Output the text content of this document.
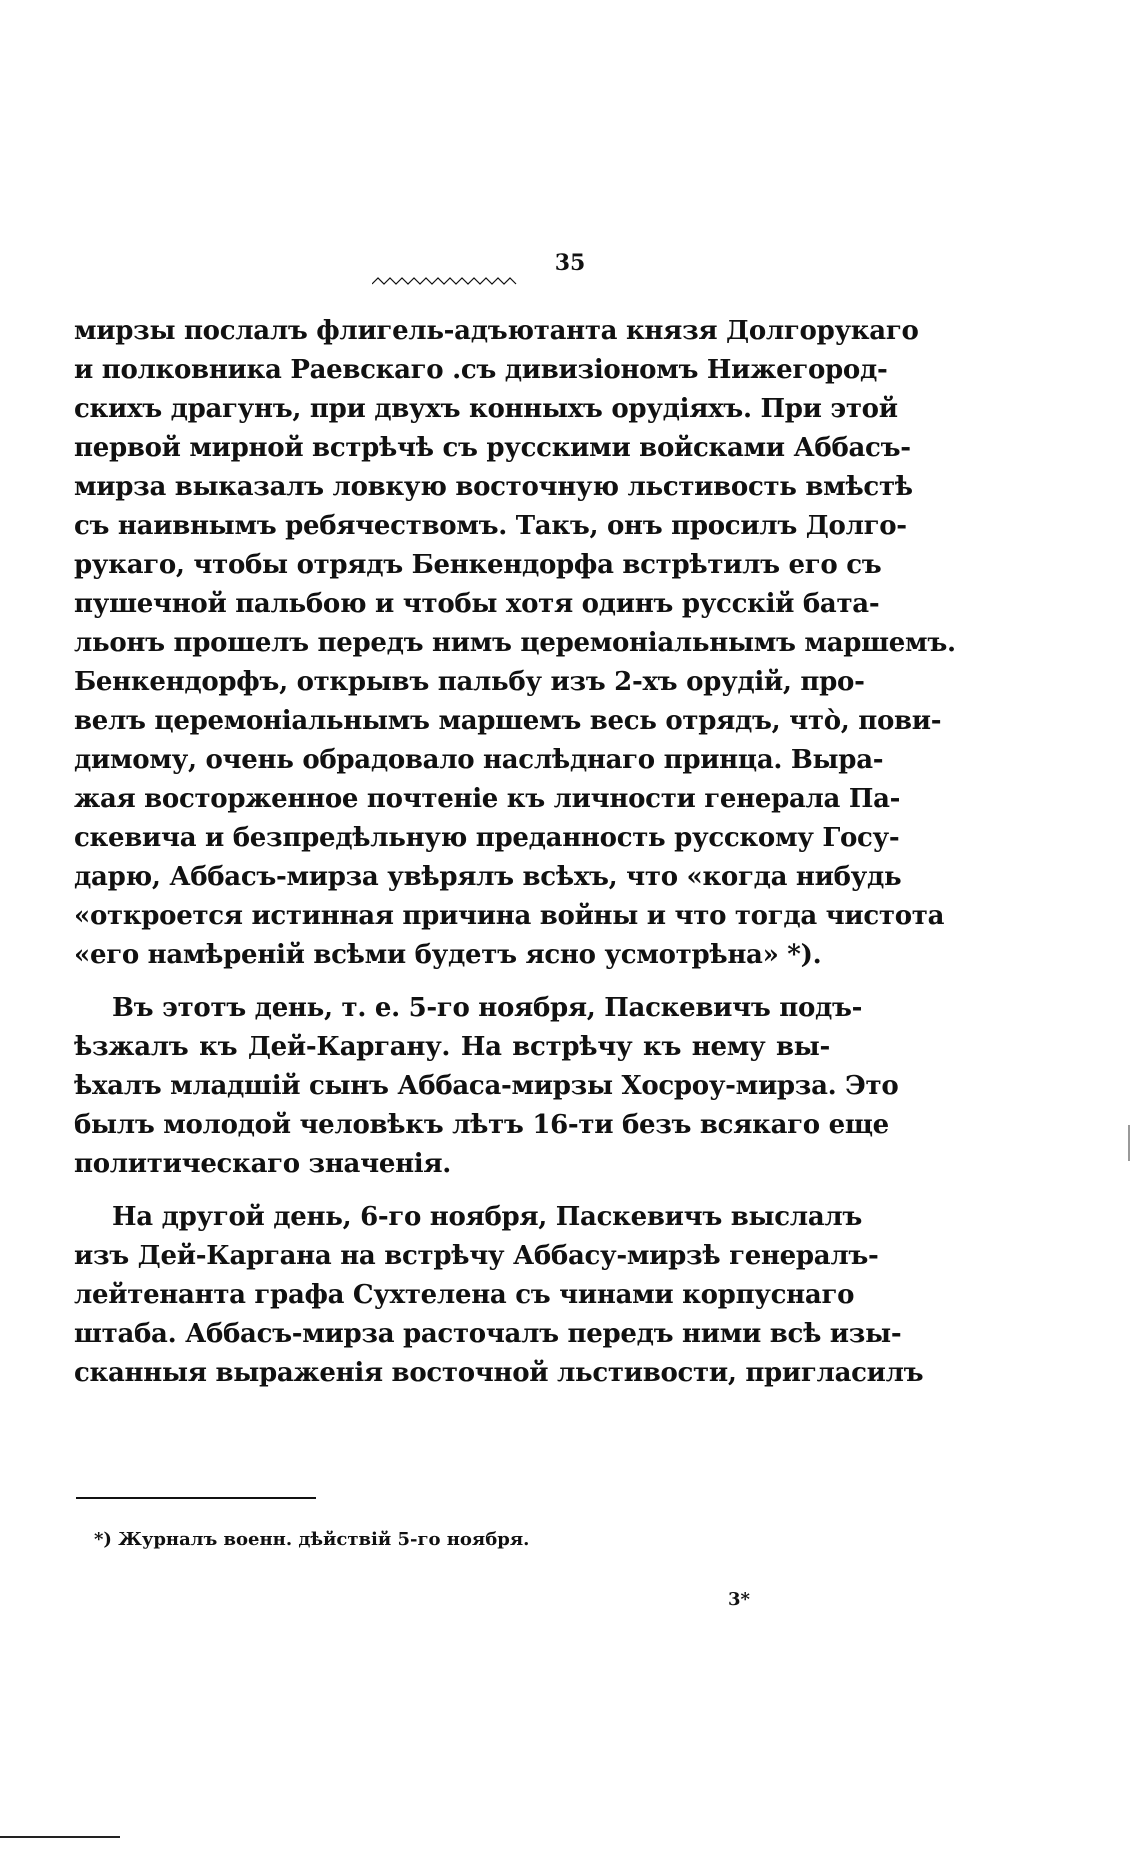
35
мирзы послалъ флигель-адъютанта князя Долгорукаго
и полковника Раевскаго .съ дивизiономъ Нижегород-
скихъ драгунъ, при двухъ конныхъ орудiяхъ. При этой
первой мирной встрѣчѣ съ русскими войсками Аббасъ-
мирза выказалъ ловкую восточную льстивость вмѣстѣ
съ наивнымъ ребячествомъ. Такъ, онъ просилъ Долго-
рукаго, чтобы отрядъ Бенкендорфа встрѣтилъ его съ
пушечной пальбою и чтобы хотя одинъ русскiй бата-
льонъ прошелъ передъ нимъ церемонiальнымъ маршемъ.
Бенкендорфъ, открывъ пальбу изъ 2-хъ орудiй, про-
велъ церемонiальнымъ маршемъ весь отрядъ, что̀, пови-
димому, очень обрадовало наслѣднаго принца. Выра-
жая восторженное почтенiе къ личности генерала Па-
скевича и безпредѣльную преданность русскому Госу-
дарю, Аббасъ-мирза увѣрялъ всѣхъ, что «когда нибудь
«откроется истинная причина войны и что тогда чистота
«его намѣренiй всѣми будетъ ясно усмотрѣна» *).
Въ этотъ день, т. е. 5-го ноября, Паскевичъ подъ-
ѣзжалъ къ Дей-Каргану. На встрѣчу къ нему вы-
ѣхалъ младшiй сынъ Аббаса-мирзы Хосроу-мирза. Это
былъ молодой человѣкъ лѣтъ 16-ти безъ всякаго еще
политическаго значенiя.
На другой день, 6-го ноября, Паскевичъ выслалъ
изъ Дей-Каргана на встрѣчу Аббасу-мирзѣ генералъ-
лейтенанта графа Сухтелена съ чинами корпуснаго
штаба. Аббасъ-мирза расточалъ передъ ними всѣ изы-
сканныя выраженiя восточной льстивости, пригласилъ
*) Журналъ военн. дѣйствiй 5-го ноября.
3*
